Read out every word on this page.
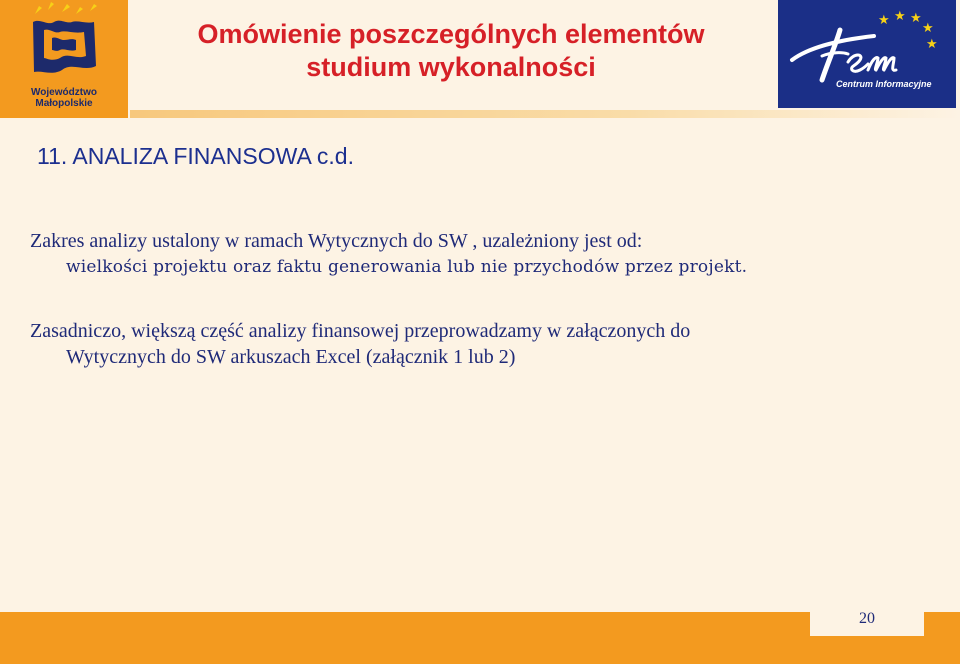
Województwo
Małopolskie
Omówienie poszczególnych elementów
studium wykonalności
★ ★ ★
★
★
Centrum Informacyjne
11. ANALIZA FINANSOWA c.d.
Zakres analizy ustalony w ramach Wytycznych do SW , uzależniony jest od:
wielkości projektu oraz faktu generowania lub nie przychodów przez projekt.
Zasadniczo, większą część analizy finansowej przeprowadzamy w załączonych do
Wytycznych do SW arkuszach Excel (załącznik 1 lub 2)
20
